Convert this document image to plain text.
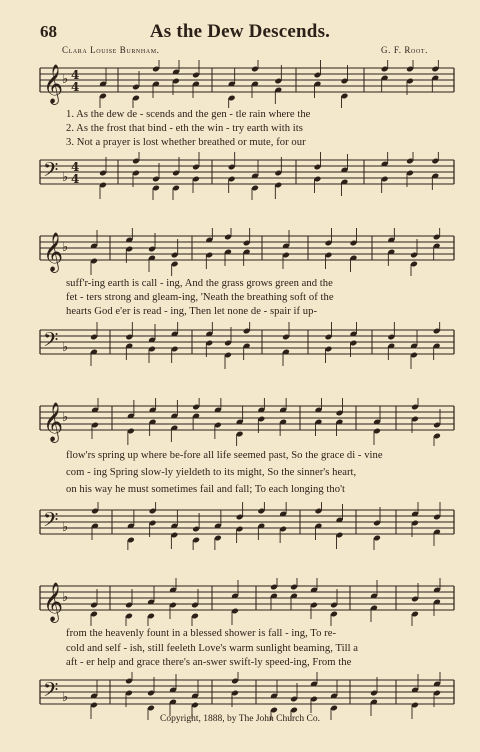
68	As the Dew Descends.
Clara Louise Burnham.	G. F. Root.
𝄞
♭ 4
4
1. As the dew de - scends and the gen - tle rain where the
2. As the frost that bind - eth the win - try earth with its
3. Not a prayer is lost whether breathed or mute, for our
𝄢 ♭
4
4
𝄞
♭
suff'r-ing earth is call - ing, And the grass grows green and the
fet - ters strong and gleam-ing, 'Neath the breathing soft of the
hearts God e'er is read - ing, Then let none de - spair if up-
𝄢 ♭
𝄞
♭
flow'rs spring up where be-fore all life seemed past, So the grace di - vine
com - ing Spring slow-ly yieldeth to its might, So the sinner's heart,
on his way he must sometimes fail and fall; To each longing tho't
𝄢 ♭
𝄞
♭
from the heavenly fount in a blessed shower is fall - ing, To re-
cold and self - ish, still feeleth Love's warm sunlight beaming, Till a
aft - er help and grace there's an-swer swift-ly speed-ing, From the
𝄢 ♭
Copyright, 1888, by The John Church Co.
